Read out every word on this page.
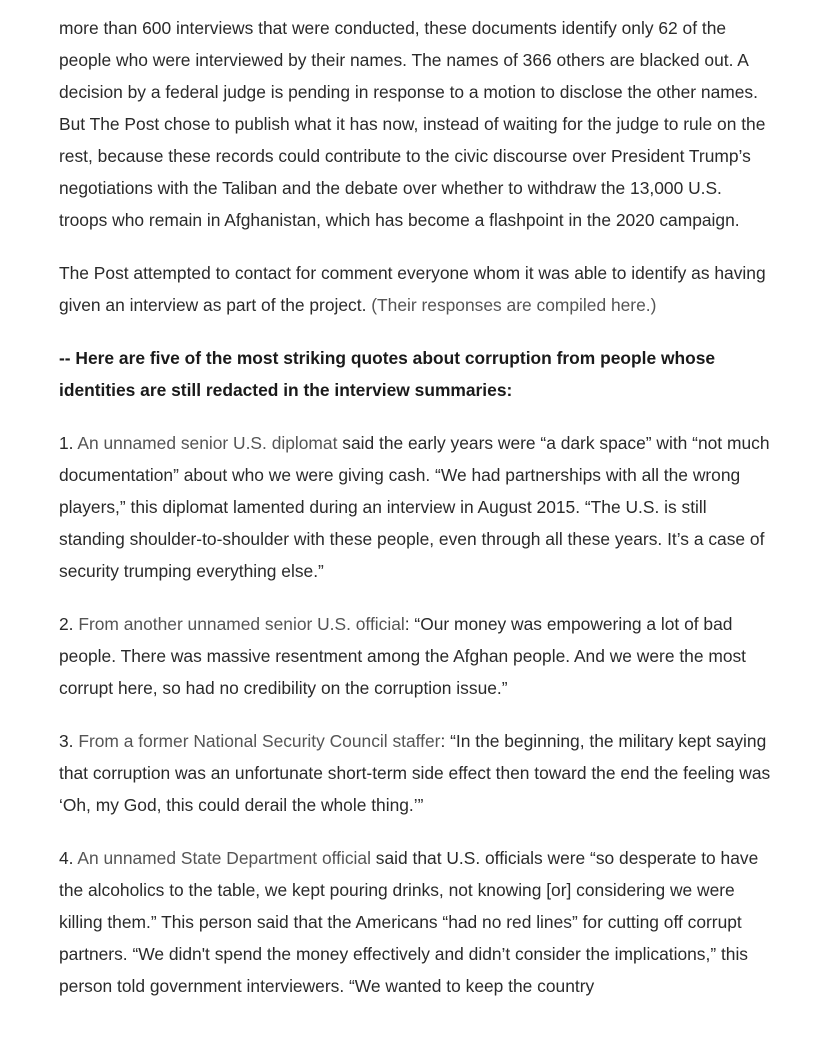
more than 600 interviews that were conducted, these documents identify only 62 of the people who were interviewed by their names. The names of 366 others are blacked out. A decision by a federal judge is pending in response to a motion to disclose the other names. But The Post chose to publish what it has now, instead of waiting for the judge to rule on the rest, because these records could contribute to the civic discourse over President Trump’s negotiations with the Taliban and the debate over whether to withdraw the 13,000 U.S. troops who remain in Afghanistan, which has become a flashpoint in the 2020 campaign.

The Post attempted to contact for comment everyone whom it was able to identify as having given an interview as part of the project. (Their responses are compiled here.)

-- Here are five of the most striking quotes about corruption from people whose identities are still redacted in the interview summaries:

1. An unnamed senior U.S. diplomat said the early years were “a dark space” with “not much documentation” about who we were giving cash. “We had partnerships with all the wrong players,” this diplomat lamented during an interview in August 2015. “The U.S. is still standing shoulder-to-shoulder with these people, even through all these years. It’s a case of security trumping everything else.”

2. From another unnamed senior U.S. official: “Our money was empowering a lot of bad people. There was massive resentment among the Afghan people. And we were the most corrupt here, so had no credibility on the corruption issue.”

3. From a former National Security Council staffer: “In the beginning, the military kept saying that corruption was an unfortunate short-term side effect then toward the end the feeling was ‘Oh, my God, this could derail the whole thing.’”

4. An unnamed State Department official said that U.S. officials were “so desperate to have the alcoholics to the table, we kept pouring drinks, not knowing [or] considering we were killing them.” This person said that the Americans “had no red lines” for cutting off corrupt partners. “We didn't spend the money effectively and didn’t consider the implications,” this person told government interviewers. “We wanted to keep the country
